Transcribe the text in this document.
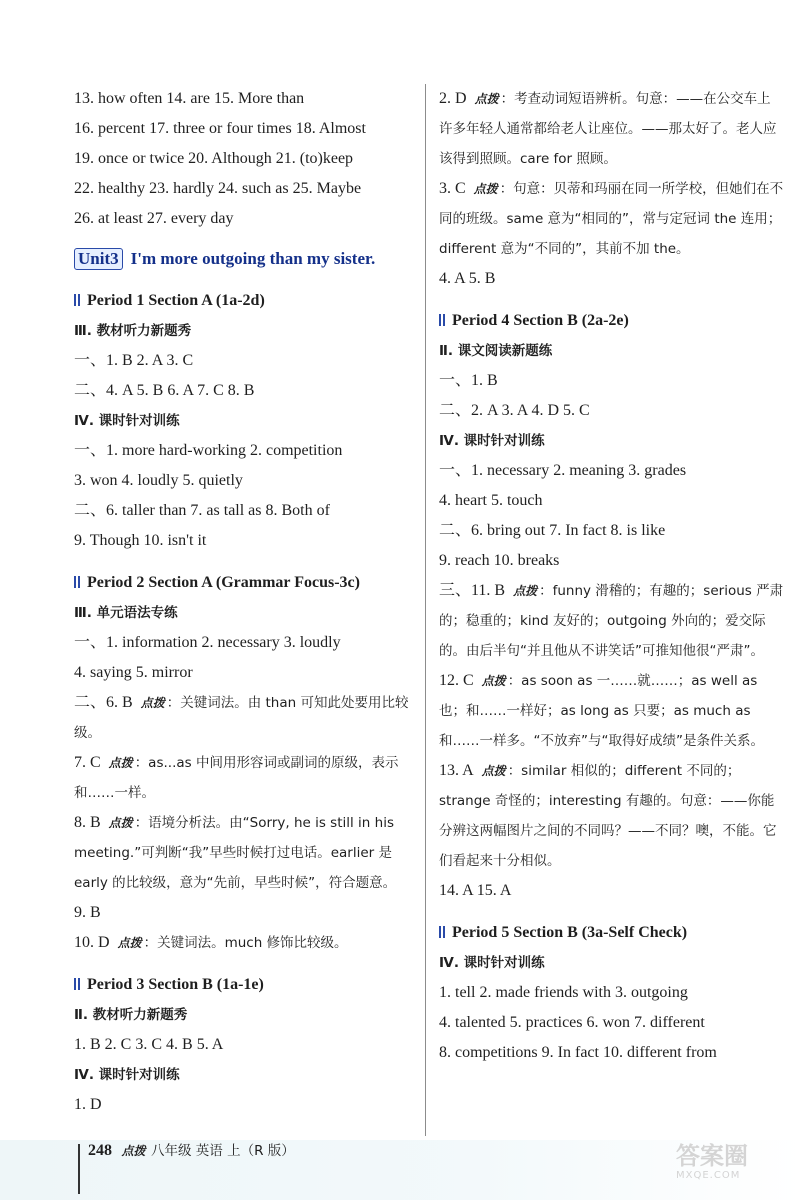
13. how often 14. are 15. More than
16. percent 17. three or four times 18. Almost
19. once or twice 20. Although 21. (to)keep
22. healthy 23. hardly 24. such as 25. Maybe
26. at least 27. every day
Unit3 I'm more outgoing than my sister.
Period 1 Section A (1a-2d)
Ⅲ. 教材听力新题秀
一、1. B 2. A 3. C
二、4. A 5. B 6. A 7. C 8. B
Ⅳ. 课时针对训练
一、1. more hard-working 2. competition
3. won 4. loudly 5. quietly
二、6. taller than 7. as tall as 8. Both of
9. Though 10. isn't it
Period 2 Section A (Grammar Focus-3c)
Ⅲ. 单元语法专练
一、1. information 2. necessary 3. loudly
4. saying 5. mirror
二、6. B 点拨 ：关键词法。由 than 可知此处要用比较级。
7. C 点拨 ：as...as 中间用形容词或副词的原级，表示和……一样。
8. B 点拨 ：语境分析法。由“Sorry, he is still in his meeting.”可判断“我”早些时候打过电话。earlier 是 early 的比较级，意为“先前，早些时候”，符合题意。
9. B
10. D 点拨 ：关键词法。much 修饰比较级。
Period 3 Section B (1a-1e)
Ⅱ. 教材听力新题秀
1. B 2. C 3. C 4. B 5. A
Ⅳ. 课时针对训练
1. D
2. D 点拨 ：考查动词短语辨析。句意：——在公交车上许多年轻人通常都给老人让座位。——那太好了。老人应该得到照顾。care for 照顾。
3. C 点拨 ：句意：贝蒂和玛丽在同一所学校，但她们在不同的班级。same 意为“相同的”，常与定冠词 the 连用；different 意为“不同的”，其前不加 the。
4. A 5. B
Period 4 Section B (2a-2e)
Ⅱ. 课文阅读新题练
一、1. B
二、2. A 3. A 4. D 5. C
Ⅳ. 课时针对训练
一、1. necessary 2. meaning 3. grades
4. heart 5. touch
二、6. bring out 7. In fact 8. is like
9. reach 10. breaks
三、11. B 点拨 ：funny 滑稽的；有趣的；serious 严肃的；稳重的；kind 友好的；outgoing 外向的；爱交际的。由后半句“并且他从不讲笑话”可推知他很“严肃”。
12. C 点拨 ：as soon as 一……就……；as well as 也；和……一样好；as long as 只要；as much as 和……一样多。“不放弃”与“取得好成绩”是条件关系。
13. A 点拨 ：similar 相似的；different 不同的；strange 奇怪的；interesting 有趣的。句意：——你能分辨这两幅图片之间的不同吗？——不同？噢，不能。它们看起来十分相似。
14. A 15. A
Period 5 Section B (3a-Self Check)
Ⅳ. 课时针对训练
1. tell 2. made friends with 3. outgoing
4. talented 5. practices 6. won 7. different
8. competitions 9. In fact 10. different from
248 点拨 八年级 英语 上（R 版）	答案圈
MXQE.COM
